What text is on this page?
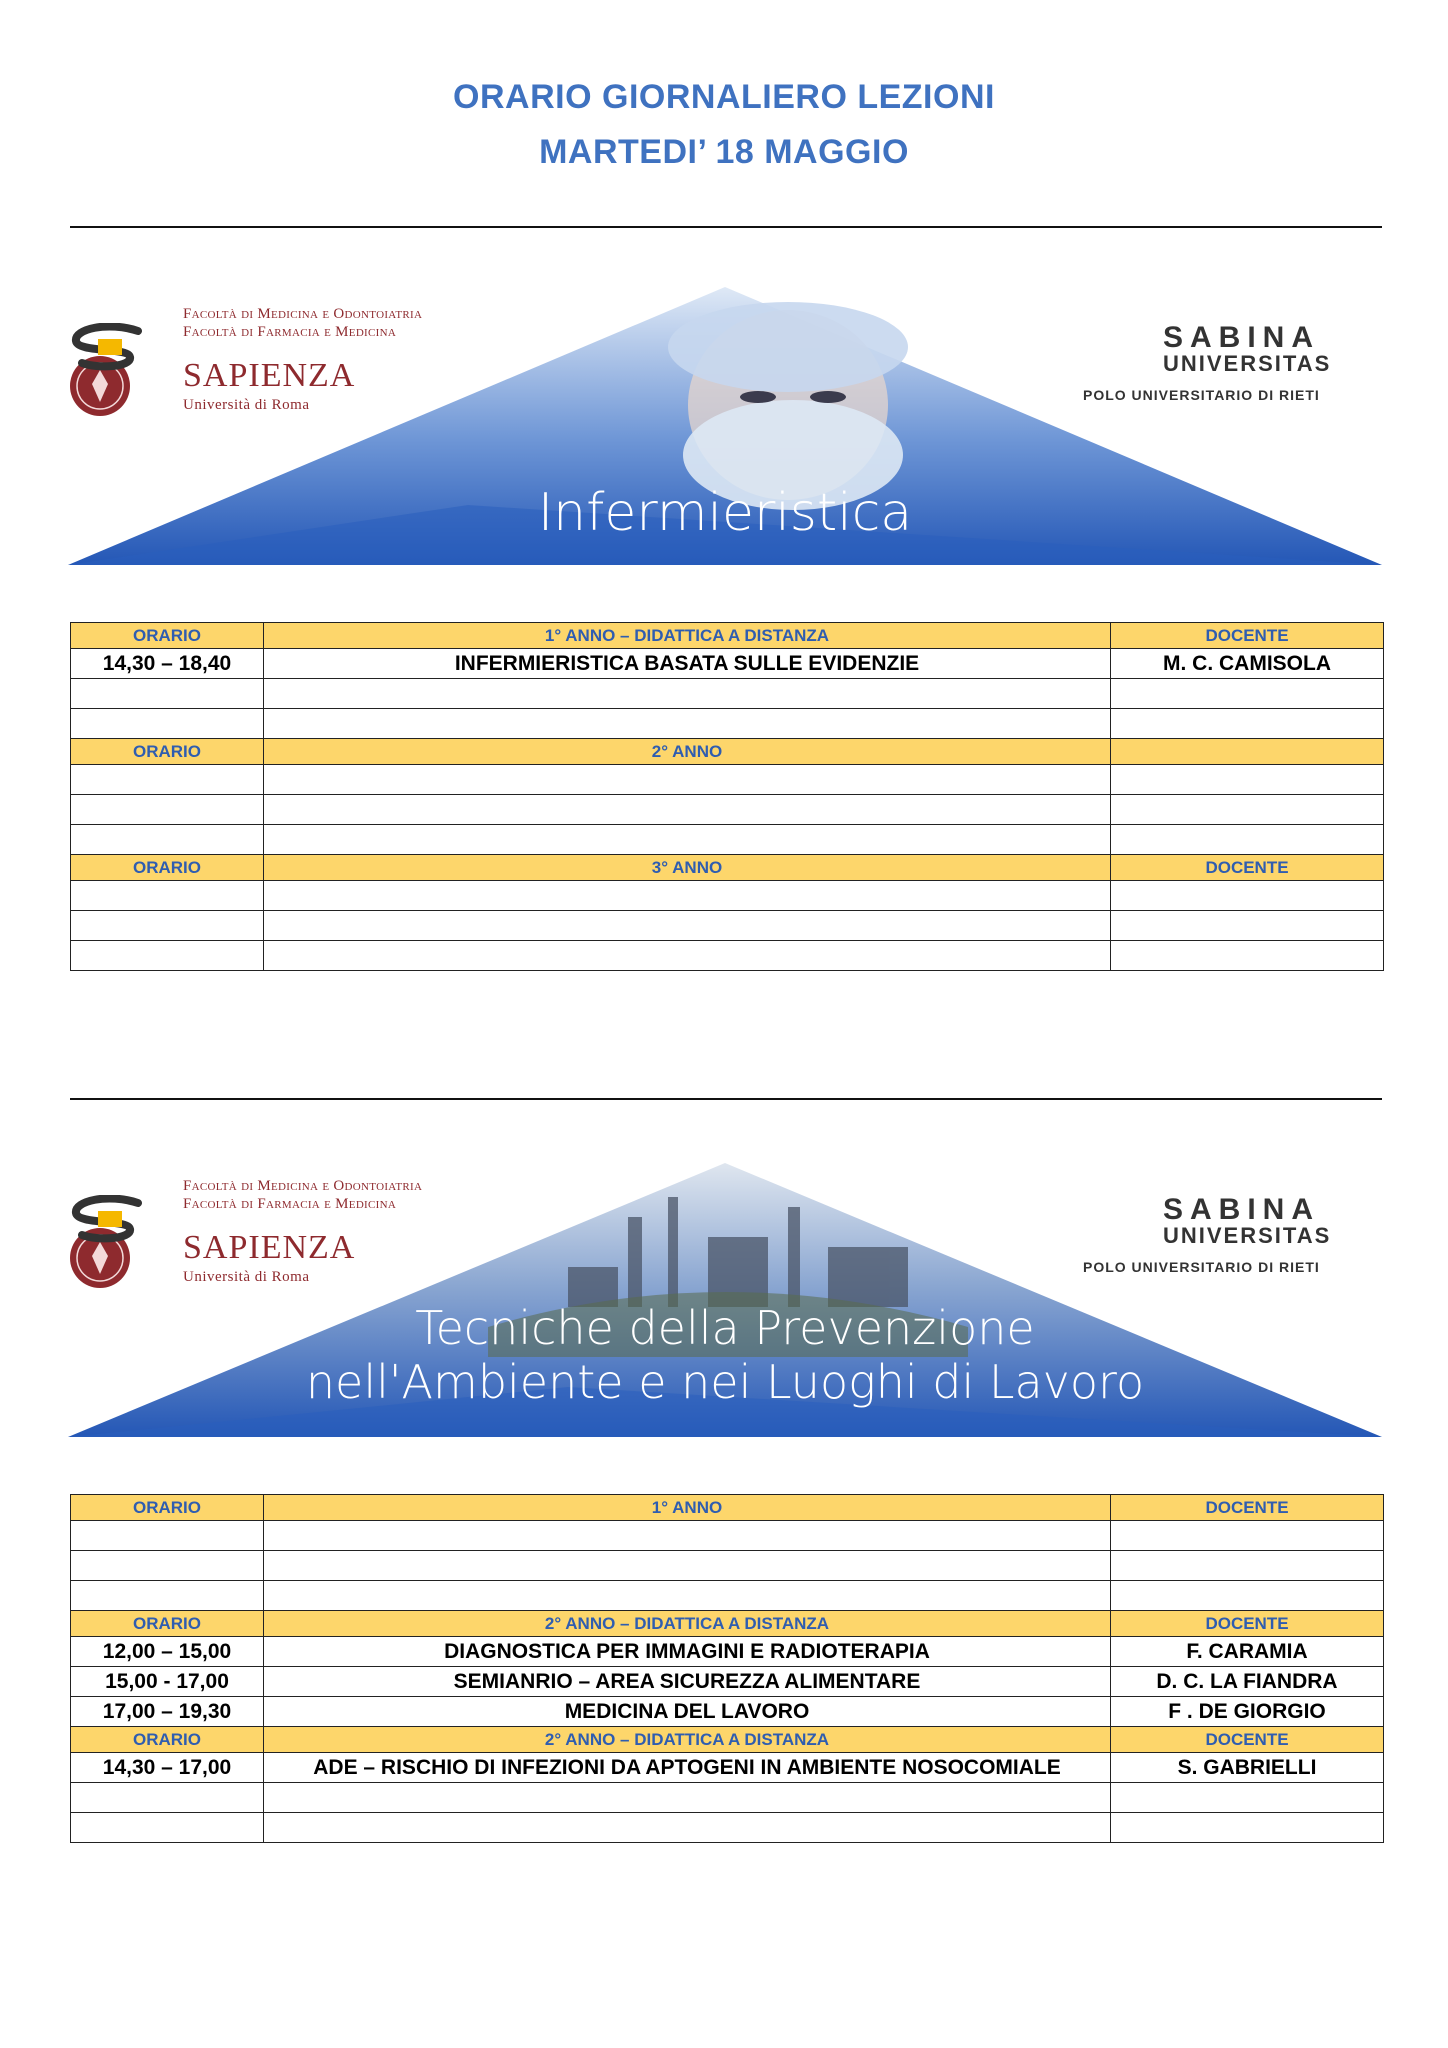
ORARIO GIORNALIERO LEZIONI
MARTEDI’ 18 MAGGIO
Infermieristica
Facoltà di Medicina e Odontoiatria
Facoltà di Farmacia e Medicina
SAPIENZA
Università di Roma
SABINA
UNIVERSITAS
POLO UNIVERSITARIO DI RIETI
ORARIO	1° ANNO – DIDATTICA A DISTANZA	DOCENTE
14,30 – 18,40	INFERMIERISTICA BASATA SULLE EVIDENZIE	M. C. CAMISOLA

ORARIO	2° ANNO	

ORARIO	3° ANNO	DOCENTE

Tecniche della Prevenzione
nell'Ambiente e nei Luoghi di Lavoro
Facoltà di Medicina e Odontoiatria
Facoltà di Farmacia e Medicina
SAPIENZA
Università di Roma
SABINA
UNIVERSITAS
POLO UNIVERSITARIO DI RIETI
ORARIO	1° ANNO	DOCENTE

ORARIO	2° ANNO – DIDATTICA A DISTANZA	DOCENTE
12,00 – 15,00	DIAGNOSTICA PER IMMAGINI E RADIOTERAPIA	F. CARAMIA
15,00 - 17,00	SEMIANRIO – AREA SICUREZZA ALIMENTARE	D. C. LA FIANDRA
17,00 – 19,30	MEDICINA DEL LAVORO	F . DE GIORGIO
ORARIO	2° ANNO – DIDATTICA A DISTANZA	DOCENTE
14,30 – 17,00	ADE – RISCHIO DI INFEZIONI DA APTOGENI IN AMBIENTE NOSOCOMIALE	S. GABRIELLI
